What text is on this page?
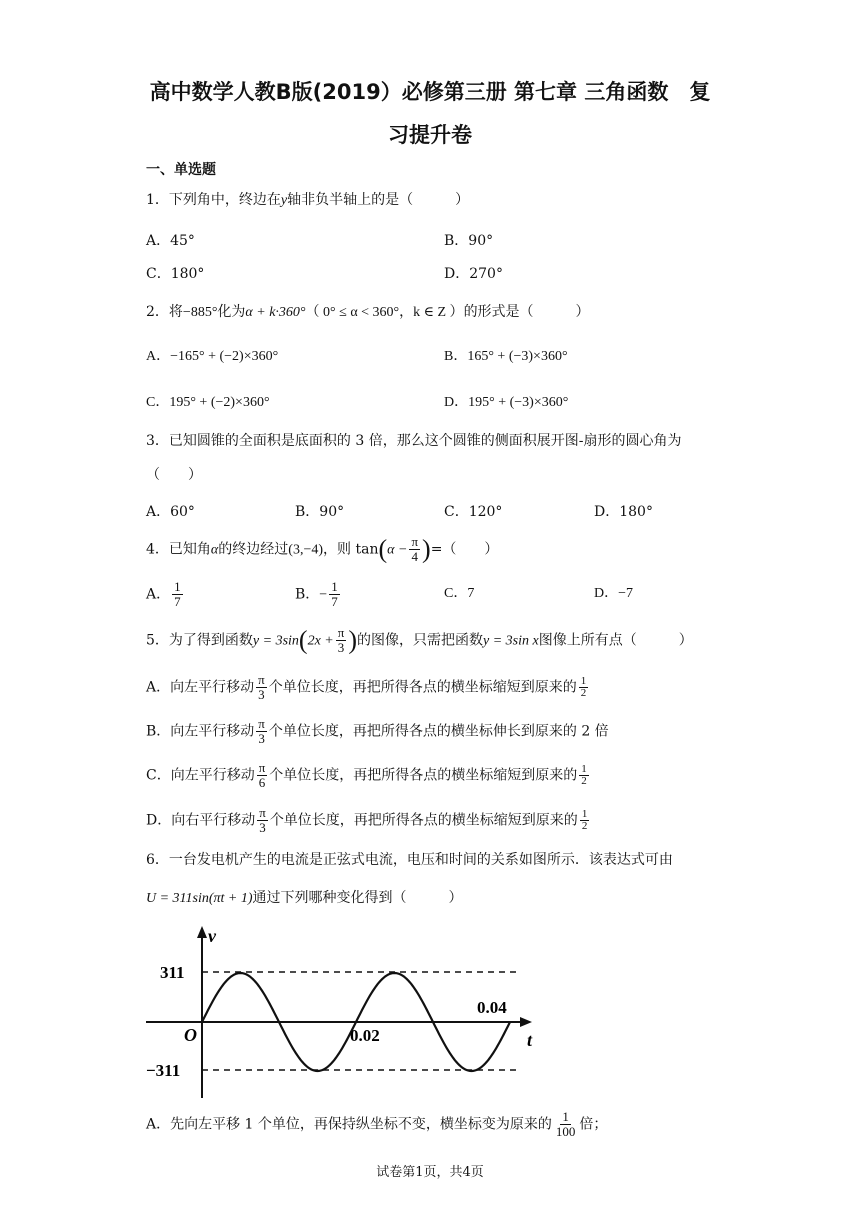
高中数学人教B版(2019）必修第三册 第七章 三角函数　复
习提升卷
一、单选题
1．下列角中，终边在y轴非负半轴上的是（　　　）
A．45°	B．90°
C．180°	D．270°
2．将−885°化为α + k·360°（ 0° ≤ α < 360°，k ∈ Z ）的形式是（　　　）
A．−165° + (−2)×360°	B．165° + (−3)×360°
C．195° + (−2)×360°	D．195° + (−3)×360°
3．已知圆锥的全面积是底面积的 3 倍，那么这个圆锥的侧面积展开图-扇形的圆心角为
（　　）
A．60°	B．90°	C．120°	D．180°
4．已知角α的终边经过(3,−4)，则 $\tan(\alpha - \frac{\pi}{4}$ )=（　　）
A． $\frac{1}{7}$	B．− $\frac{1}{7}$	C．7	D．−7
5．为了得到函数$y = 3\sin(2x + \frac{\pi}{3}$ )的图像，只需把函数y = 3sin x图像上所有点（　　　）
A．向左平行移动 $\frac{\pi}{3}$ 个单位长度，再把所得各点的横坐标缩短到原来的 $\frac{1}{2}$
B．向左平行移动 $\frac{\pi}{3}$ 个单位长度，再把所得各点的横坐标伸长到原来的 2 倍
C．向左平行移动 $\frac{\pi}{6}$ 个单位长度，再把所得各点的横坐标缩短到原来的 $\frac{1}{2}$
D．向右平行移动 $\frac{\pi}{3}$ 个单位长度，再把所得各点的横坐标缩短到原来的 $\frac{1}{2}$
6．一台发电机产生的电流是正弦式电流，电压和时间的关系如图所示．该表达式可由
U = 311sin(πt + 1)通过下列哪种变化得到（　　　）
v
t
O
311
−311
0.02
0.04
A．先向左平移 1 个单位，再保持纵坐标不变，横坐标变为原来的 $\frac{1}{100}$ 倍；
试卷第1页，共4页
